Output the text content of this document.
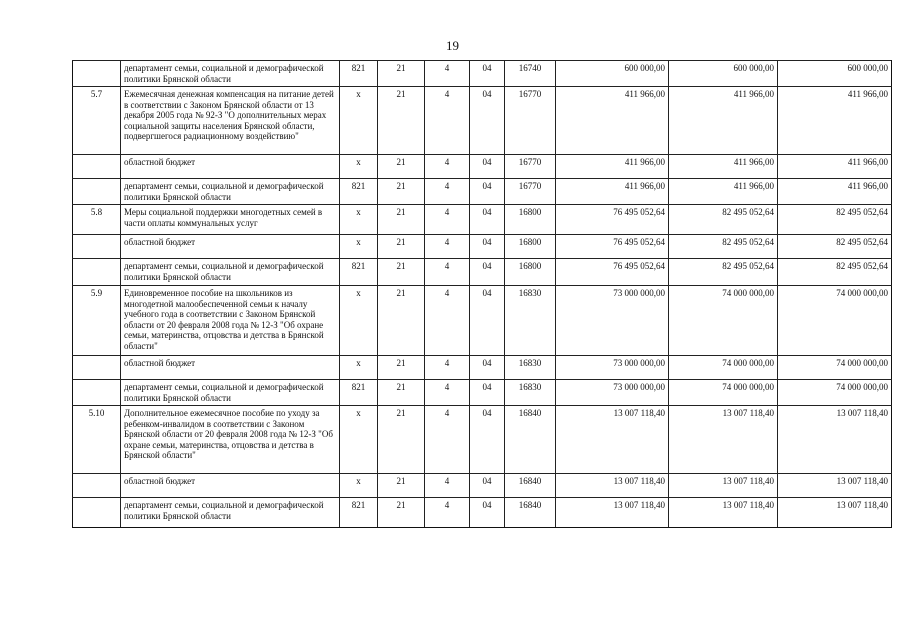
19
	департамент семьи, социальной и демографической политики Брянской области	821	21	4	04	16740	600 000,00	600 000,00	600 000,00
5.7	Ежемесячная денежная компенсация на питание детей в соответствии с Законом Брянской области от 13 декабря 2005 года № 92-З "О дополнительных мерах социальной защиты населения Брянской области, подвергшегося радиационному воздействию"	х	21	4	04	16770	411 966,00	411 966,00	411 966,00
	областной бюджет	х	21	4	04	16770	411 966,00	411 966,00	411 966,00
	департамент семьи, социальной и демографической политики Брянской области	821	21	4	04	16770	411 966,00	411 966,00	411 966,00
5.8	Меры социальной поддержки многодетных семей в части оплаты коммунальных услуг	х	21	4	04	16800	76 495 052,64	82 495 052,64	82 495 052,64
	областной бюджет	х	21	4	04	16800	76 495 052,64	82 495 052,64	82 495 052,64
	департамент семьи, социальной и демографической политики Брянской области	821	21	4	04	16800	76 495 052,64	82 495 052,64	82 495 052,64
5.9	Единовременное пособие на школьников из многодетной малообеспеченной семьи к началу учебного года в соответствии с Законом Брянской области от 20 февраля 2008 года № 12-З "Об охране семьи, материнства, отцовства и детства в Брянской области"	х	21	4	04	16830	73 000 000,00	74 000 000,00	74 000 000,00
	областной бюджет	х	21	4	04	16830	73 000 000,00	74 000 000,00	74 000 000,00
	департамент семьи, социальной и демографической политики Брянской области	821	21	4	04	16830	73 000 000,00	74 000 000,00	74 000 000,00
5.10	Дополнительное ежемесячное пособие по уходу за ребенком-инвалидом в соответствии с Законом Брянской области от 20 февраля 2008 года № 12-З "Об охране семьи, материнства, отцовства и детства в Брянской области"	х	21	4	04	16840	13 007 118,40	13 007 118,40	13 007 118,40
	областной бюджет	х	21	4	04	16840	13 007 118,40	13 007 118,40	13 007 118,40
	департамент семьи, социальной и демографической политики Брянской области	821	21	4	04	16840	13 007 118,40	13 007 118,40	13 007 118,40
